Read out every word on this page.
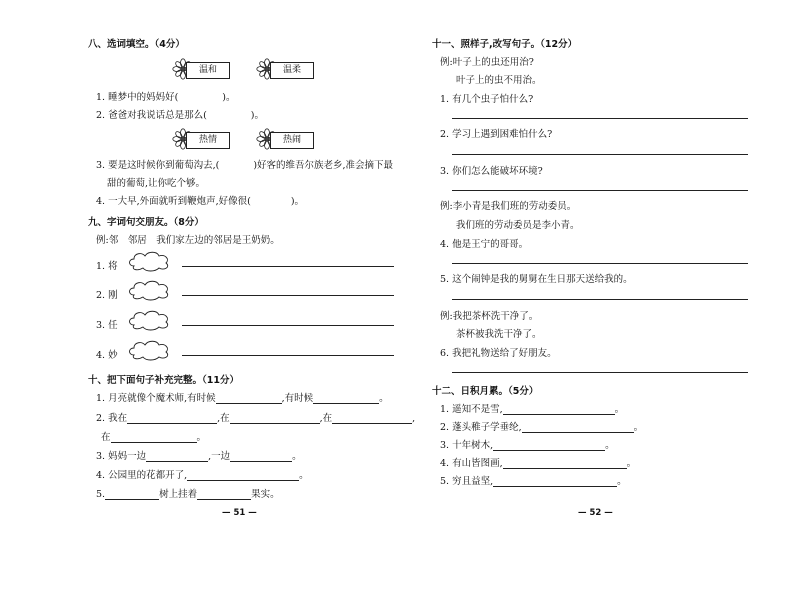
八、选词填空。（4分）
温和	温柔
1. 睡梦中的妈妈好(	)。
2. 爸爸对我说话总是那么(	)。
热情	热闹
3. 要是这时候你到葡萄沟去,(	)好客的维吾尔族老乡,准会摘下最
甜的葡萄,让你吃个够。
4. 一大早,外面就听到鞭炮声,好像很(	)。
九、字词句交朋友。（8分）
例:邻　邻居　我们家左边的邻居是王奶奶。
1. 将
2. 刚
3. 任
4. 妙
十、把下面句子补充完整。（11分）
1. 月亮就像个魔术师,有时候	,有时候	。
2. 我在	,在	,在	,
在	。
3. 妈妈一边	,一边	。
4. 公园里的花都开了,	。
5.	树上挂着	果实。
— 51 —
十一、照样子,改写句子。（12分）
例:叶子上的虫还用治?
叶子上的虫不用治。
1. 有几个虫子怕什么?
2. 学习上遇到困难怕什么?
3. 你们怎么能破坏环境?
例:李小青是我们班的劳动委员。
我们班的劳动委员是李小青。
4. 他是王宁的哥哥。
5. 这个闹钟是我的舅舅在生日那天送给我的。
例:我把茶杯洗干净了。
茶杯被我洗干净了。
6. 我把礼物送给了好朋友。
十二、日积月累。（5分）
1. 遥知不是雪,	。
2. 蓬头稚子学垂纶,	。
3. 十年树木,	。
4. 有山皆图画,	。
5. 穷且益坚,	。
— 52 —
